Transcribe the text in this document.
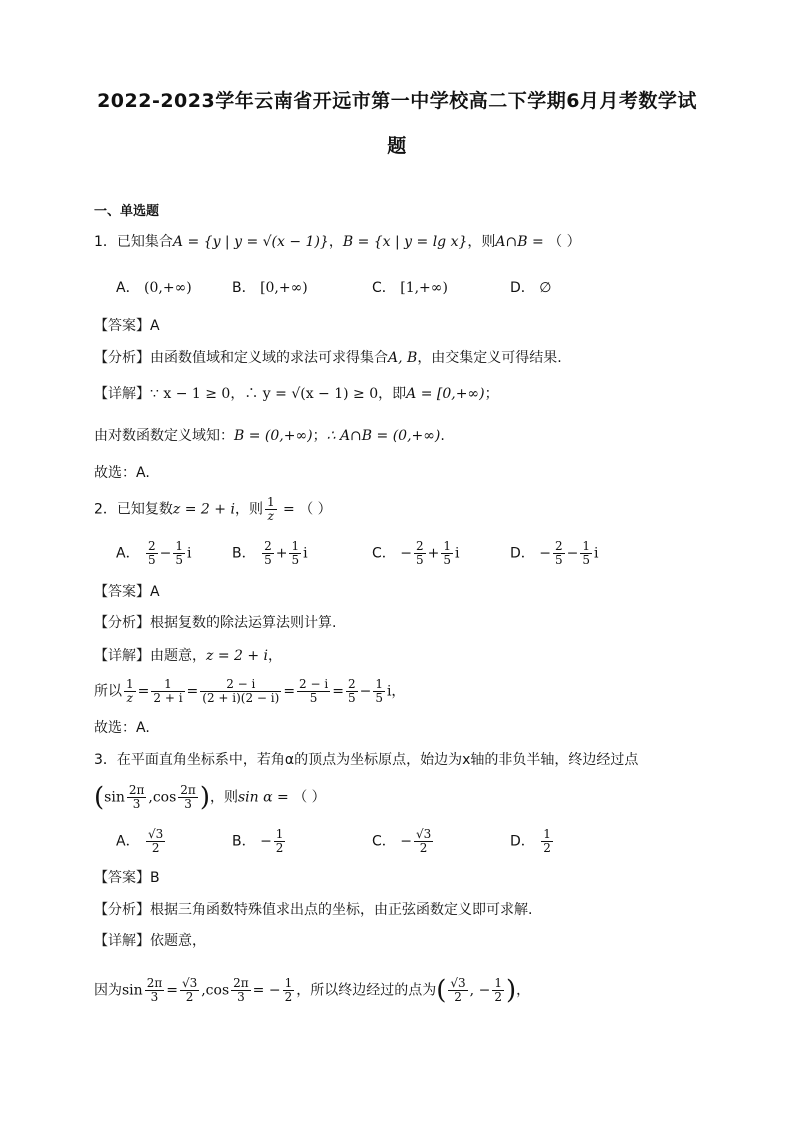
2022-2023学年云南省开远市第一中学校高二下学期6月月考数学试
题
一、单选题
1．已知集合A = {y | y = √(x − 1)}，B = {x | y = lg x}，则A∩B = （ ）
A． (0,+∞)	B． [0,+∞)	C． [1,+∞)	D． ∅
【答案】A
【分析】由函数值域和定义域的求法可求得集合A, B，由交集定义可得结果.
【详解】∵ x − 1 ≥ 0，∴ y = √(x − 1) ≥ 0，即A = [0,+∞)；
由对数函数定义域知：B = (0,+∞)；∴ A∩B = (0,+∞).
故选：A.
2．已知复数z = 2 + i，则 $\frac{1}{z}$ = （ ）
A． $\frac{2}{5} - \frac{1}{5}$ i	B． $\frac{2}{5} + \frac{1}{5}$ i	C． − $\frac{2}{5} + \frac{1}{5}$ i	D． − $\frac{2}{5} - \frac{1}{5}$ i
【答案】A
【分析】根据复数的除法运算法则计算.
【详解】由题意，z = 2 + i，
所以 $\frac{1}{z} = \frac{1}{2 + i} = \frac{2 - i}{(2 + i)(2 - i)} = \frac{2 - i}{5} = \frac{2}{5} - \frac{1}{5}$ i，
故选：A.
3．在平面直角坐标系中，若角α的顶点为坐标原点，始边为x轴的非负半轴，终边经过点
($\sin \frac{2\pi}{3} ,\cos \frac{2\pi}{3}$ )，则sin α = （ ）
A． $\frac{√3}{2}$	B． − $\frac{1}{2}$	C． − $\frac{√3}{2}$	D． $\frac{1}{2}$
【答案】B
【分析】根据三角函数特殊值求出点的坐标，由正弦函数定义即可求解.
【详解】依题意，
因为$\sin \frac{2\pi}{3} = \frac{√3}{2} ,\cos \frac{2\pi}{3}$ = − $\frac{1}{2}$ ，所以终边经过的点为( $\frac{√3}{2}$ , − $\frac{1}{2}$ )，
